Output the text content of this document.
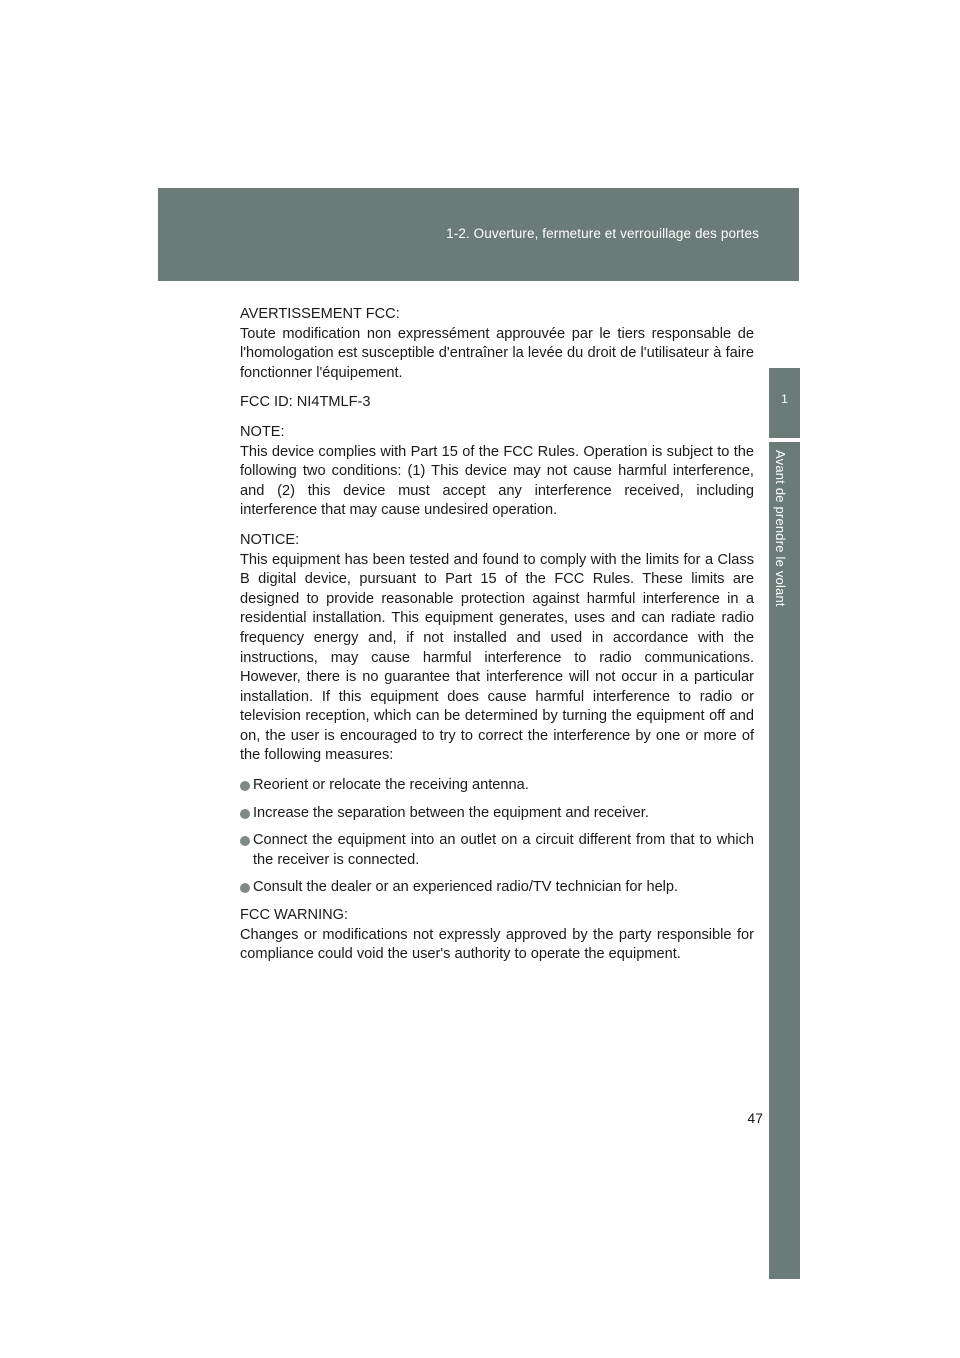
1-2. Ouverture, fermeture et verrouillage des portes
1
Avant de prendre le volant

AVERTISSEMENT FCC:
Toute modification non expressément approuvée par le tiers responsable de l'homologation est susceptible d'entraîner la levée du droit de l'utilisateur à faire fonctionner l'équipement.

FCC ID: NI4TMLF-3

NOTE:
This device complies with Part 15 of the FCC Rules. Operation is subject to the following two conditions: (1) This device may not cause harmful interference, and (2) this device must accept any interference received, including interference that may cause undesired operation.

NOTICE:
This equipment has been tested and found to comply with the limits for a Class B digital device, pursuant to Part 15 of the FCC Rules. These limits are designed to provide reasonable protection against harmful interference in a residential installation. This equipment generates, uses and can radiate radio frequency energy and, if not installed and used in accordance with the instructions, may cause harmful interference to radio communications. However, there is no guarantee that interference will not occur in a particular installation. If this equipment does cause harmful interference to radio or television reception, which can be determined by turning the equipment off and on, the user is encouraged to try to correct the interference by one or more of the following measures:

Reorient or relocate the receiving antenna.
Increase the separation between the equipment and receiver.
Connect the equipment into an outlet on a circuit different from that to which the receiver is connected.
Consult the dealer or an experienced radio/TV technician for help.

FCC WARNING:
Changes or modifications not expressly approved by the party responsible for compliance could void the user's authority to operate the equipment.

47
